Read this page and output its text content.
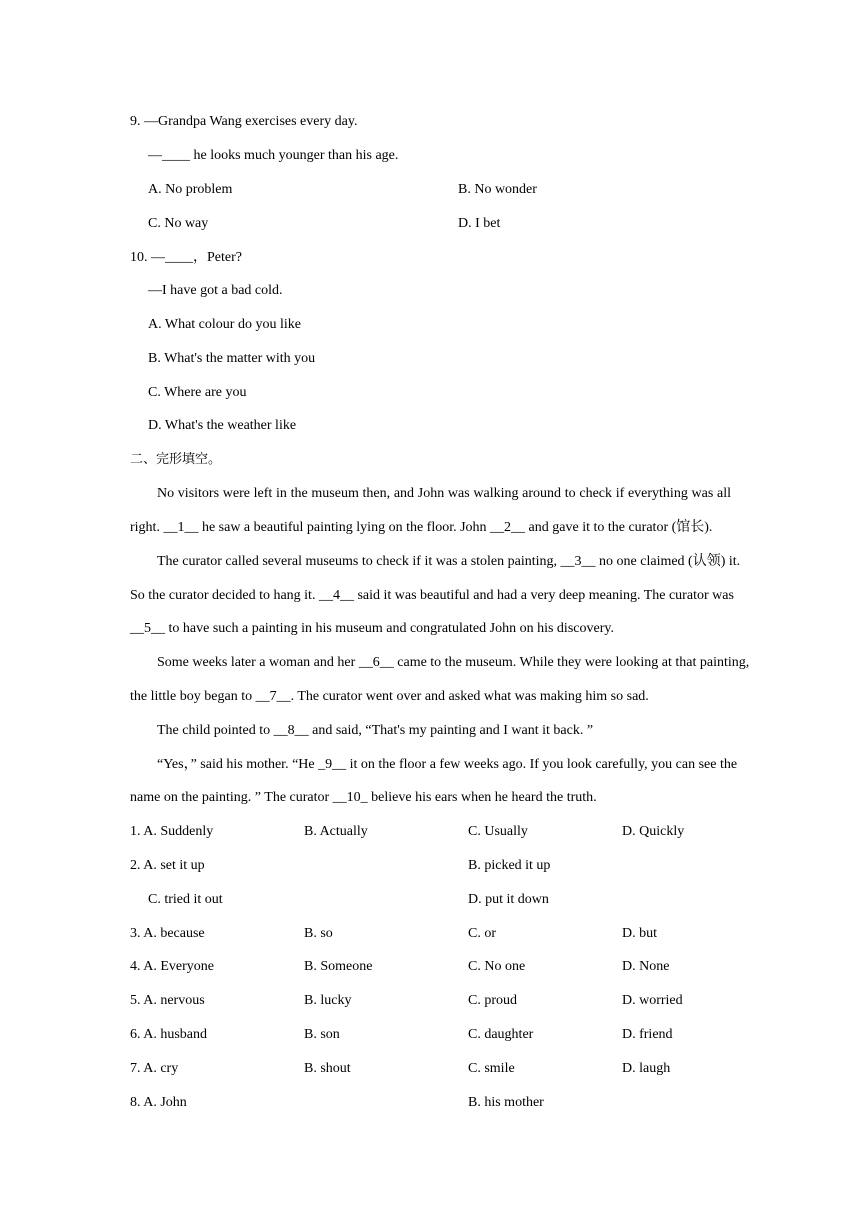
9. —Grandpa Wang exercises every day.
—____ he looks much younger than his age.
A. No problem	B. No wonder
C. No way	D. I bet
10. —____，Peter?
—I have got a bad cold.
A. What colour do you like
B. What's the matter with you
C. Where are you
D. What's the weather like
二、完形填空。
No visitors were left in the museum then, and John was walking around to check if everything was all
right. __1__ he saw a beautiful painting lying on the floor. John __2__ and gave it to the curator (馆长).
The curator called several museums to check if it was a stolen painting, __3__ no one claimed (认领) it.
So the curator decided to hang it. __4__ said it was beautiful and had a very deep meaning. The curator was
__5__ to have such a painting in his museum and congratulated John on his discovery.
Some weeks later a woman and her __6__ came to the museum. While they were looking at that painting,
the little boy began to __7__. The curator went over and asked what was making him so sad.
The child pointed to __8__ and said, “That's my painting and I want it back. ”
“Yes，” said his mother. “He _9__ it on the floor a few weeks ago. If you look carefully, you can see the
name on the painting. ” The curator __10_ believe his ears when he heard the truth.
1. A. Suddenly	B. Actually	C. Usually	D. Quickly
2. A. set it up	B. picked it up
C. tried it out	D. put it down
3. A. because	B. so	C. or	D. but
4. A. Everyone	B. Someone	C. No one	D. None
5. A. nervous	B. lucky	C. proud	D. worried
6. A. husband	B. son	C. daughter	D. friend
7. A. cry	B. shout	C. smile	D. laugh
8. A. John	B. his mother
